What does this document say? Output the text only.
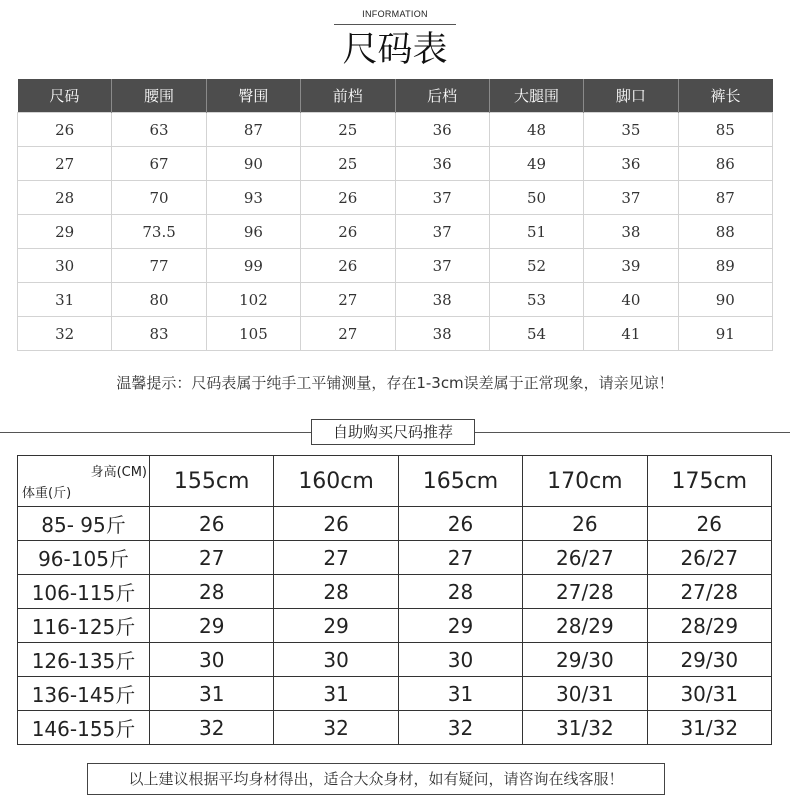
INFORMATION
尺码表
尺码	腰围	臀围	前档	后档	大腿围	脚口	裤长
26	63	87	25	36	48	35	85
27	67	90	25	36	49	36	86
28	70	93	26	37	50	37	87
29	73.5	96	26	37	51	38	88
30	77	99	26	37	52	39	89
31	80	102	27	38	53	40	90
32	83	105	27	38	54	41	91
温馨提示：尺码表属于纯手工平铺测量，存在1-3cm误差属于正常现象，请亲见谅！
自助购买尺码推荐
身高(CM)
体重(斤)	155cm	160cm	165cm	170cm	175cm
85- 95斤	26	26	26	26	26
96-105斤	27	27	27	26/27	26/27
106-115斤	28	28	28	27/28	27/28
116-125斤	29	29	29	28/29	28/29
126-135斤	30	30	30	29/30	29/30
136-145斤	31	31	31	30/31	30/31
146-155斤	32	32	32	31/32	31/32
以上建议根据平均身材得出，适合大众身材，如有疑问，请咨询在线客服！
